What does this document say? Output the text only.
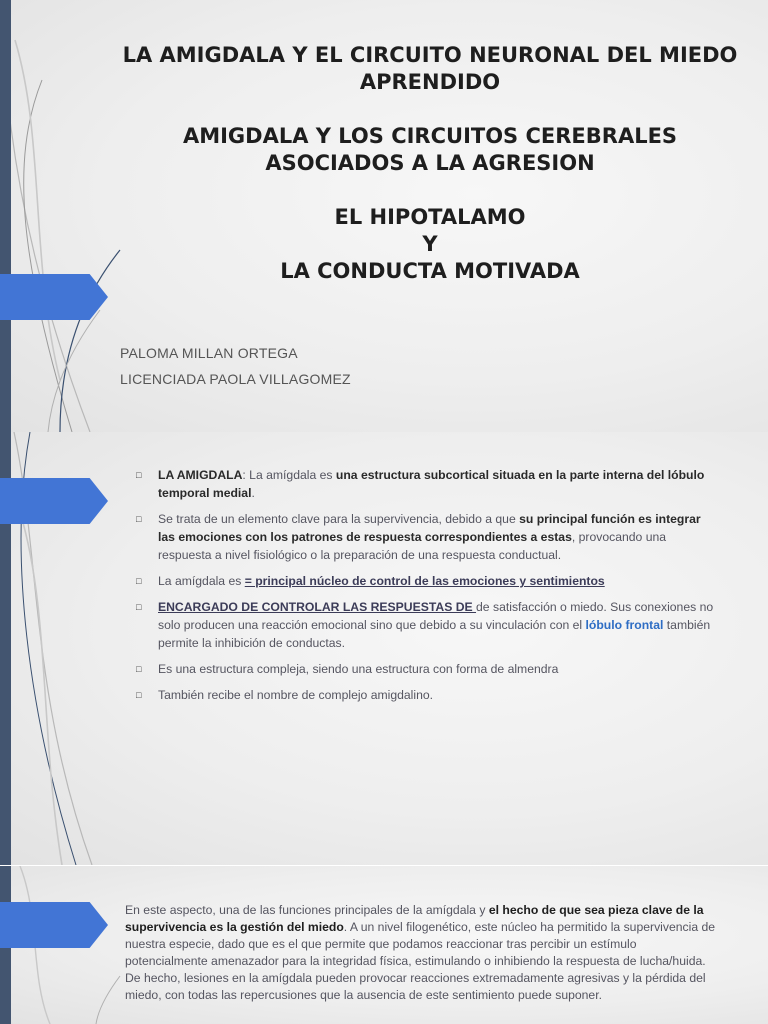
LA AMIGDALA Y EL CIRCUITO NEURONAL DEL MIEDO

APRENDIDO

AMIGDALA Y LOS CIRCUITOS CEREBRALES ASOCIADOS A LA AGRESION

EL HIPOTALAMO

Y

LA CONDUCTA MOTIVADA

PALOMA MILLAN ORTEGA
LICENCIADA PAOLA VILLAGOMEZ
□ LA AMIGDALA: La amígdala es una estructura subcortical situada en la parte interna del lóbulo temporal medial.
□ Se trata de un elemento clave para la supervivencia, debido a que su principal función es integrar las emociones con los patrones de respuesta correspondientes a estas, provocando una respuesta a nivel fisiológico o la preparación de una respuesta conductual.
□ La amígdala es = principal núcleo de control de las emociones y sentimientos
□ ENCARGADO DE CONTROLAR LAS RESPUESTAS DE de satisfacción o miedo. Sus conexiones no solo producen una reacción emocional sino que debido a su vinculación con el lóbulo frontal también permite la inhibición de conductas.
□ Es una estructura compleja, siendo una estructura con forma de almendra
□ También recibe el nombre de complejo amigdalino.

En este aspecto, una de las funciones principales de la amígdala y el hecho de que sea pieza clave de la supervivencia es la gestión del miedo. A un nivel filogenético, este núcleo ha permitido la supervivencia de nuestra especie, dado que es el que permite que podamos reaccionar tras percibir un estímulo potencialmente amenazador para la integridad física, estimulando o inhibiendo la respuesta de lucha/huida. De hecho, lesiones en la amígdala pueden provocar reacciones extremadamente agresivas y la pérdida del miedo, con todas las repercusiones que la ausencia de este sentimiento puede suponer.
